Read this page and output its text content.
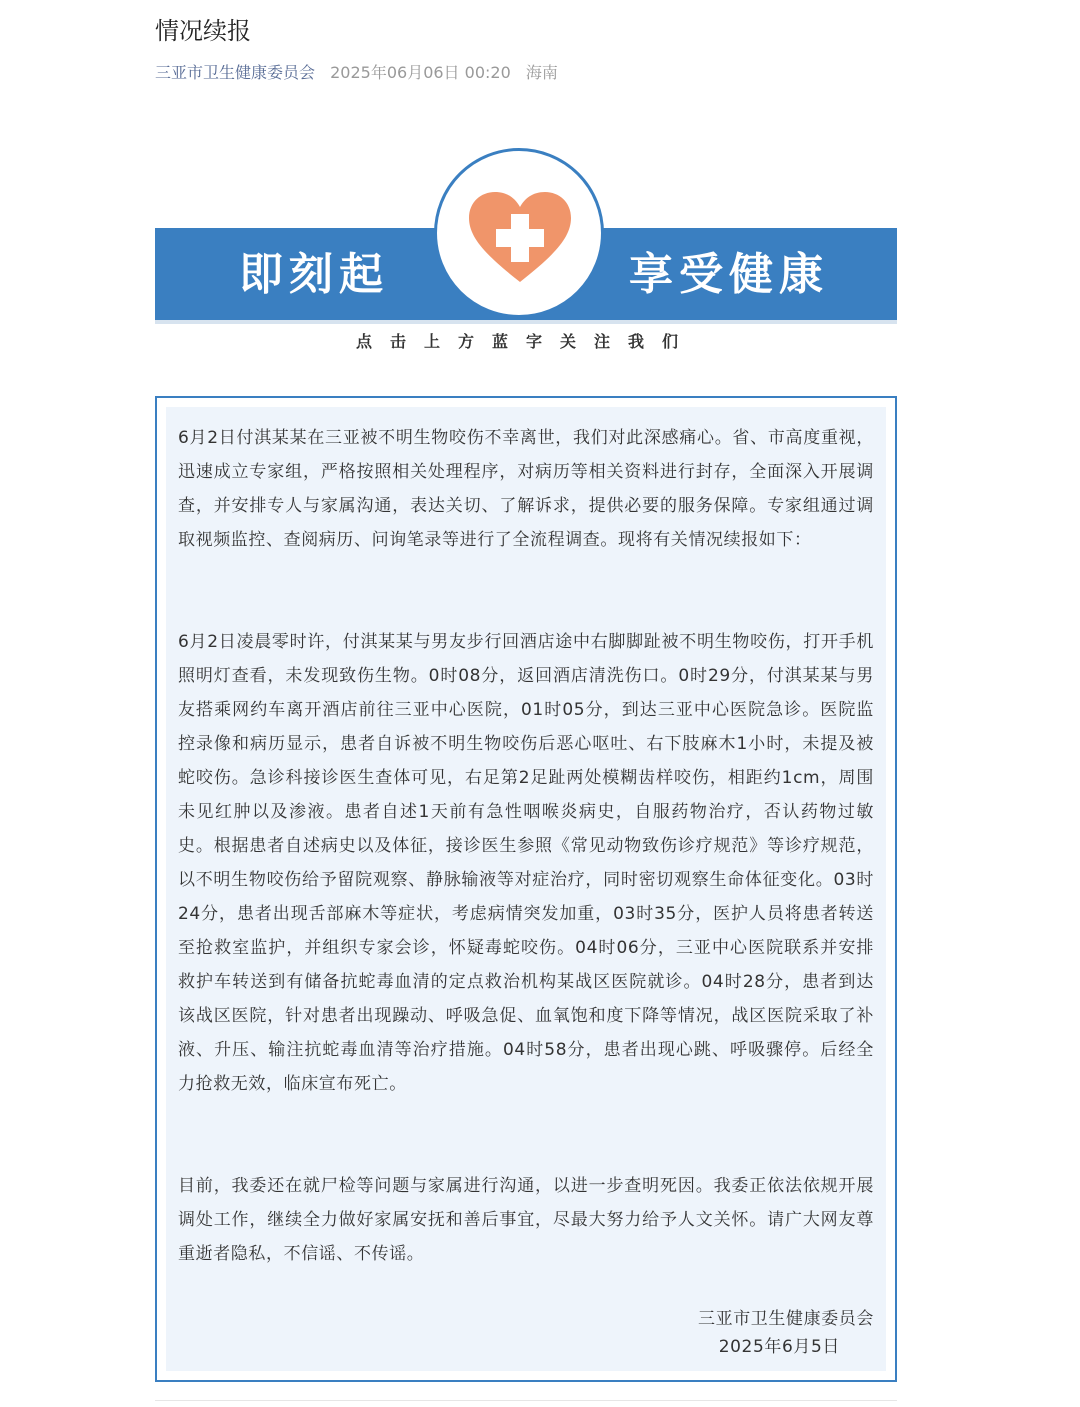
情况续报
三亚市卫生健康委员会 2025年06月06日 00:20 海南
即刻起	享受健康
点击上方蓝字关注我们

6月2日付淇某某在三亚被不明生物咬伤不幸离世，我们对此深感痛心。省、市高度重视，迅速成立专家组，严格按照相关处理程序，对病历等相关资料进行封存，全面深入开展调查，并安排专人与家属沟通，表达关切、了解诉求，提供必要的服务保障。专家组通过调取视频监控、查阅病历、问询笔录等进行了全流程调查。现将有关情况续报如下：

6月2日凌晨零时许，付淇某某与男友步行回酒店途中右脚脚趾被不明生物咬伤，打开手机照明灯查看，未发现致伤生物。0时08分，返回酒店清洗伤口。0时29分，付淇某某与男友搭乘网约车离开酒店前往三亚中心医院，01时05分，到达三亚中心医院急诊。医院监控录像和病历显示，患者自诉被不明生物咬伤后恶心呕吐、右下肢麻木1小时，未提及被蛇咬伤。急诊科接诊医生查体可见，右足第2足趾两处模糊齿样咬伤，相距约1cm，周围未见红肿以及渗液。患者自述1天前有急性咽喉炎病史，自服药物治疗，否认药物过敏史。根据患者自述病史以及体征，接诊医生参照《常见动物致伤诊疗规范》等诊疗规范，以不明生物咬伤给予留院观察、静脉输液等对症治疗，同时密切观察生命体征变化。03时24分，患者出现舌部麻木等症状，考虑病情突发加重，03时35分，医护人员将患者转送至抢救室监护，并组织专家会诊，怀疑毒蛇咬伤。04时06分，三亚中心医院联系并安排救护车转送到有储备抗蛇毒血清的定点救治机构某战区医院就诊。04时28分，患者到达该战区医院，针对患者出现躁动、呼吸急促、血氧饱和度下降等情况，战区医院采取了补液、升压、输注抗蛇毒血清等治疗措施。04时58分，患者出现心跳、呼吸骤停。后经全力抢救无效，临床宣布死亡。

目前，我委还在就尸检等问题与家属进行沟通，以进一步查明死因。我委正依法依规开展调处工作，继续全力做好家属安抚和善后事宜，尽最大努力给予人文关怀。请广大网友尊重逝者隐私，不信谣、不传谣。

三亚市卫生健康委员会

2025年6月5日
